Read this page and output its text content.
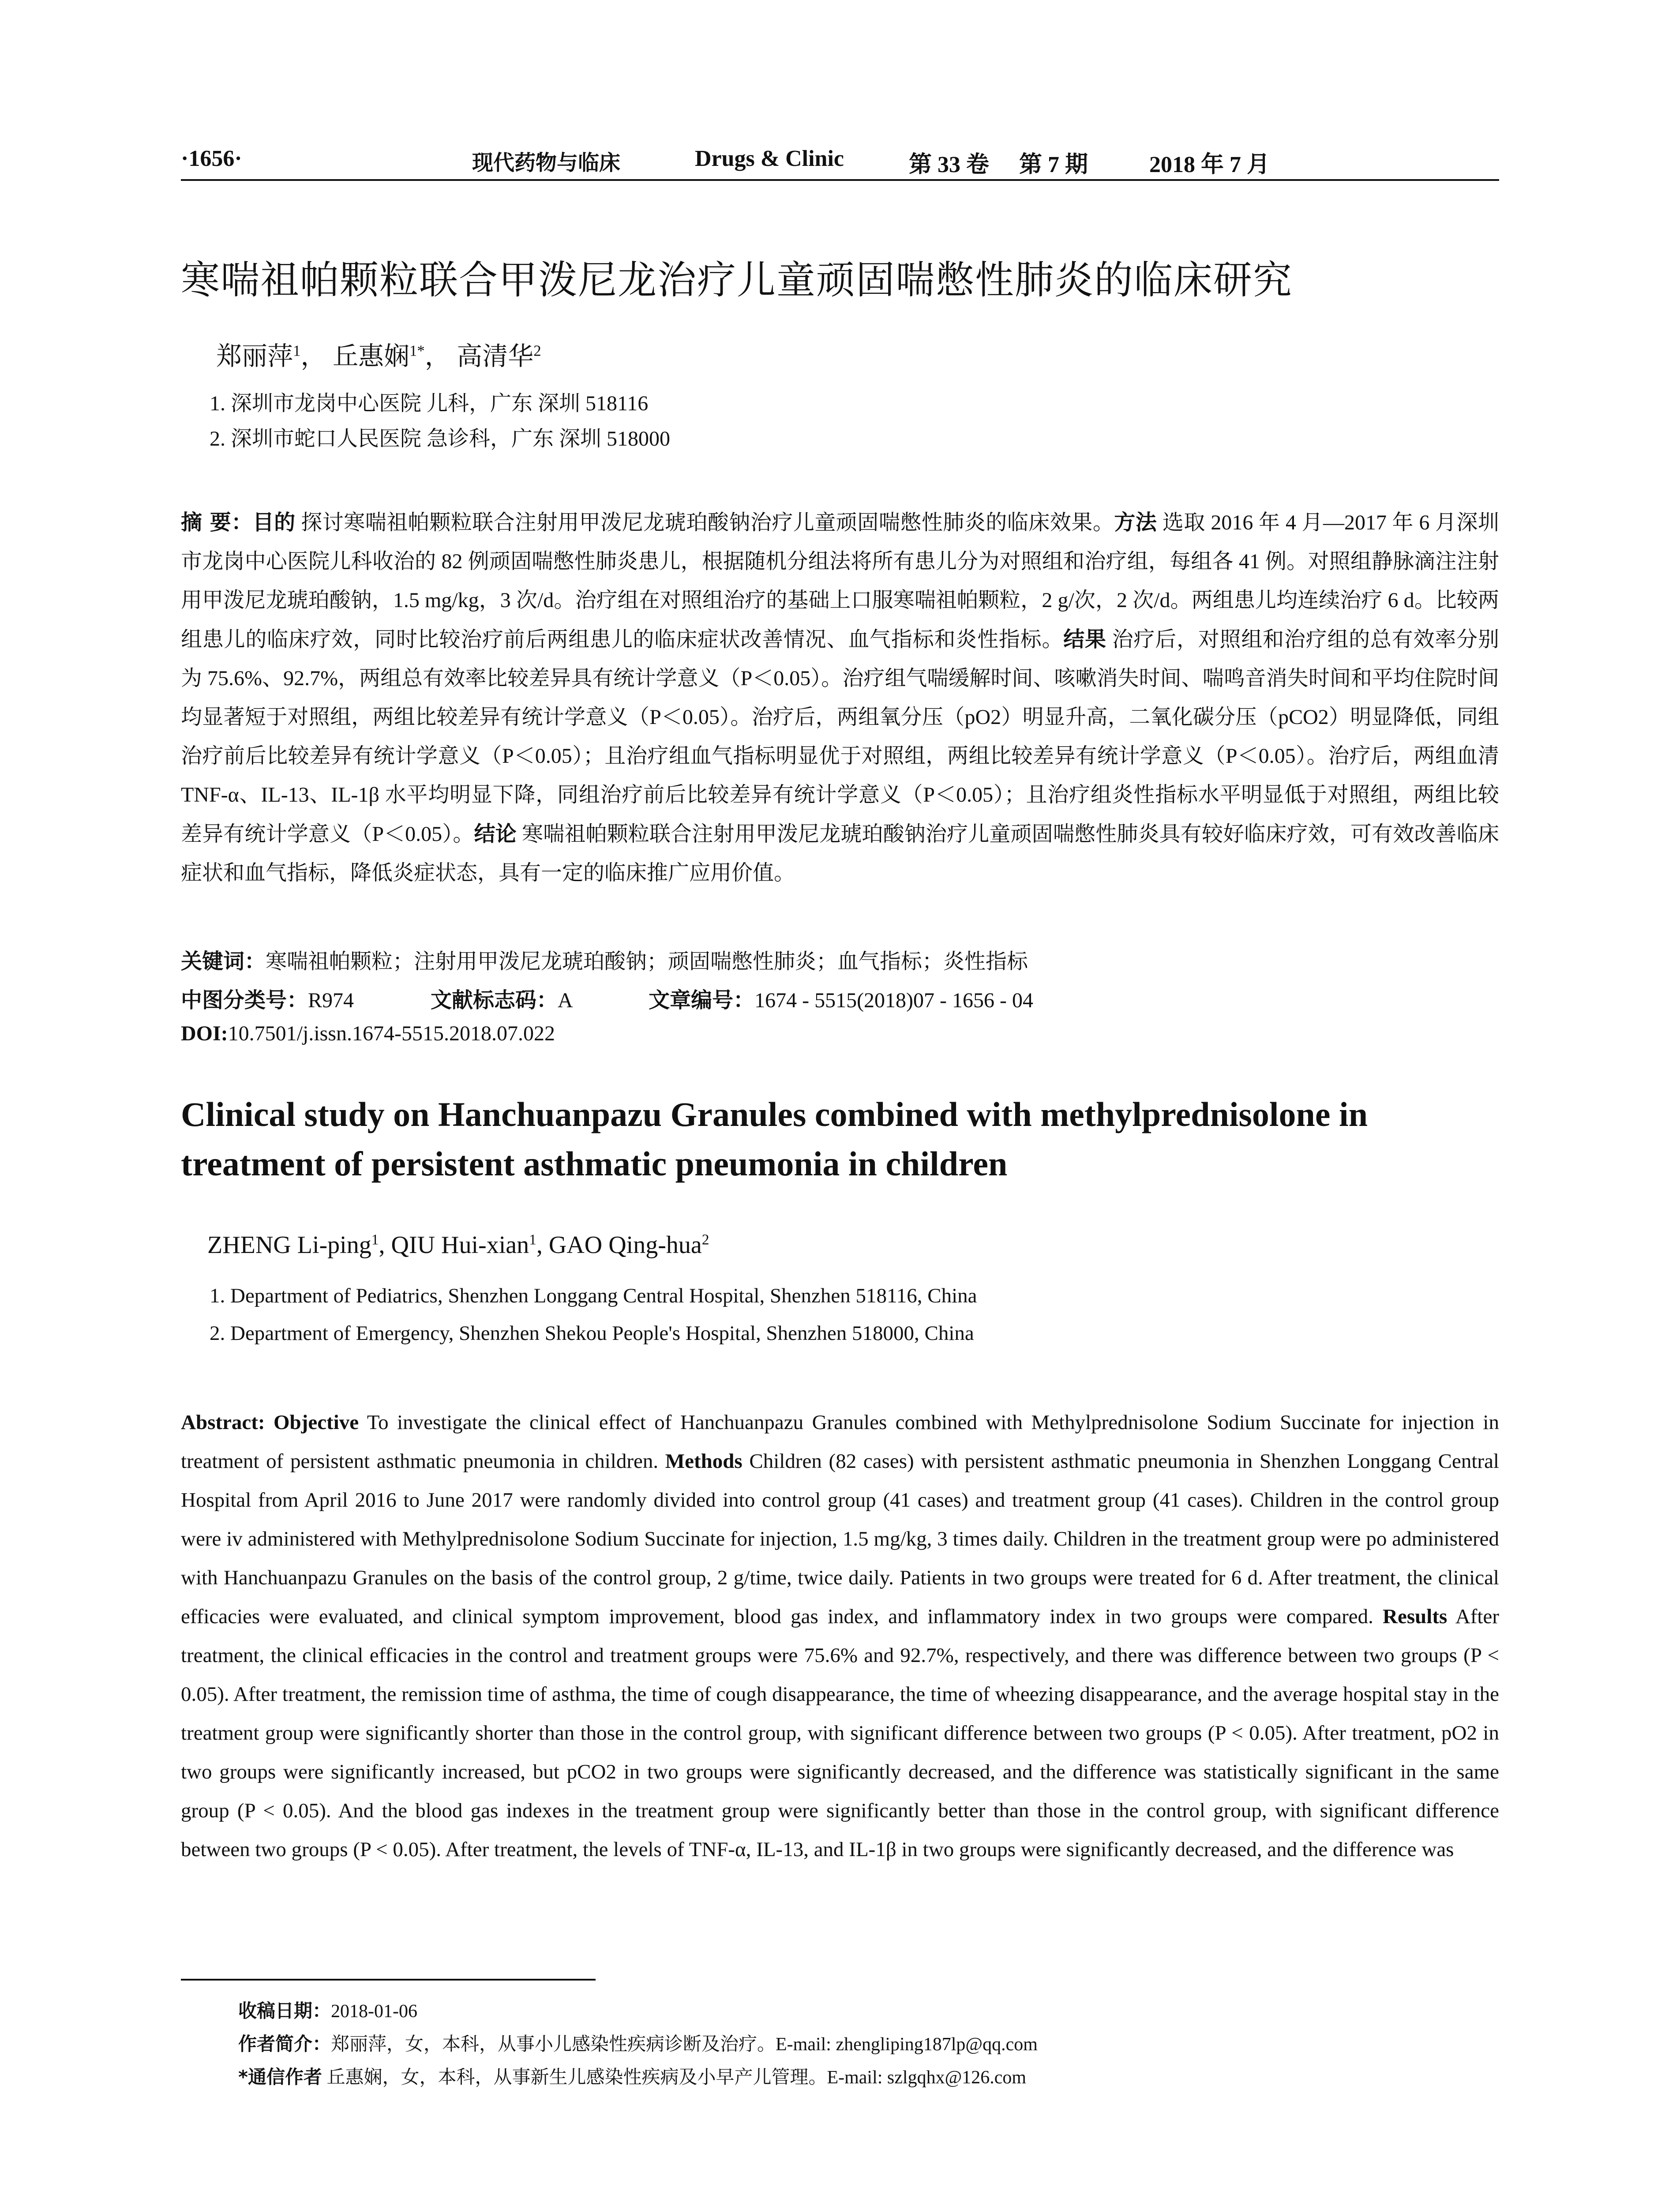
·1656·	现代药物与临床	Drugs & Clinic	第 33 卷 第 7 期	2018 年 7 月
寒喘祖帕颗粒联合甲泼尼龙治疗儿童顽固喘憋性肺炎的临床研究
郑丽萍$^1$， 丘惠娴$^{1*}$， 高清华$^2$
1. 深圳市龙岗中心医院 儿科，广东 深圳 518116
2. 深圳市蛇口人民医院 急诊科，广东 深圳 518000
摘 要：目的 探讨寒喘祖帕颗粒联合注射用甲泼尼龙琥珀酸钠治疗儿童顽固喘憋性肺炎的临床效果。方法 选取 2016 年 4 月—2017 年 6 月深圳市龙岗中心医院儿科收治的 82 例顽固喘憋性肺炎患儿，根据随机分组法将所有患儿分为对照组和治疗组，每组各 41 例。对照组静脉滴注注射用甲泼尼龙琥珀酸钠，1.5 mg/kg，3 次/d。治疗组在对照组治疗的基础上口服寒喘祖帕颗粒，2 g/次，2 次/d。两组患儿均连续治疗 6 d。比较两组患儿的临床疗效，同时比较治疗前后两组患儿的临床症状改善情况、血气指标和炎性指标。结果 治疗后，对照组和治疗组的总有效率分别为 75.6%、92.7%，两组总有效率比较差异具有统计学意义（P＜0.05）。治疗组气喘缓解时间、咳嗽消失时间、喘鸣音消失时间和平均住院时间均显著短于对照组，两组比较差异有统计学意义（P＜0.05）。治疗后，两组氧分压（pO2）明显升高，二氧化碳分压（pCO2）明显降低，同组治疗前后比较差异有统计学意义（P＜0.05）；且治疗组血气指标明显优于对照组，两组比较差异有统计学意义（P＜0.05）。治疗后，两组血清 TNF-α、IL-13、IL-1β 水平均明显下降，同组治疗前后比较差异有统计学意义（P＜0.05）；且治疗组炎性指标水平明显低于对照组，两组比较差异有统计学意义（P＜0.05）。结论 寒喘祖帕颗粒联合注射用甲泼尼龙琥珀酸钠治疗儿童顽固喘憋性肺炎具有较好临床疗效，可有效改善临床症状和血气指标，降低炎症状态，具有一定的临床推广应用价值。
关键词：寒喘祖帕颗粒；注射用甲泼尼龙琥珀酸钠；顽固喘憋性肺炎；血气指标；炎性指标
中图分类号：R974	文献标志码：A	文章编号：1674 - 5515(2018)07 - 1656 - 04
DOI:10.7501/j.issn.1674-5515.2018.07.022
Clinical study on Hanchuanpazu Granules combined with methylprednisolone in treatment of persistent asthmatic pneumonia in children
ZHENG Li-ping$^1$, QIU Hui-xian$^1$, GAO Qing-hua$^2$
1. Department of Pediatrics, Shenzhen Longgang Central Hospital, Shenzhen 518116, China
2. Department of Emergency, Shenzhen Shekou People's Hospital, Shenzhen 518000, China
Abstract: Objective To investigate the clinical effect of Hanchuanpazu Granules combined with Methylprednisolone Sodium Succinate for injection in treatment of persistent asthmatic pneumonia in children. Methods Children (82 cases) with persistent asthmatic pneumonia in Shenzhen Longgang Central Hospital from April 2016 to June 2017 were randomly divided into control group (41 cases) and treatment group (41 cases). Children in the control group were iv administered with Methylprednisolone Sodium Succinate for injection, 1.5 mg/kg, 3 times daily. Children in the treatment group were po administered with Hanchuanpazu Granules on the basis of the control group, 2 g/time, twice daily. Patients in two groups were treated for 6 d. After treatment, the clinical efficacies were evaluated, and clinical symptom improvement, blood gas index, and inflammatory index in two groups were compared. Results After treatment, the clinical efficacies in the control and treatment groups were 75.6% and 92.7%, respectively, and there was difference between two groups (P < 0.05). After treatment, the remission time of asthma, the time of cough disappearance, the time of wheezing disappearance, and the average hospital stay in the treatment group were significantly shorter than those in the control group, with significant difference between two groups (P < 0.05). After treatment, pO2 in two groups were significantly increased, but pCO2 in two groups were significantly decreased, and the difference was statistically significant in the same group (P < 0.05). And the blood gas indexes in the treatment group were significantly better than those in the control group, with significant difference between two groups (P < 0.05). After treatment, the levels of TNF-α, IL-13, and IL-1β in two groups were significantly decreased, and the difference was
收稿日期：2018-01-06
作者简介：郑丽萍，女，本科，从事小儿感染性疾病诊断及治疗。E-mail: zhengliping187lp@qq.com
*通信作者 丘惠娴，女，本科，从事新生儿感染性疾病及小早产儿管理。E-mail: szlgqhx@126.com
